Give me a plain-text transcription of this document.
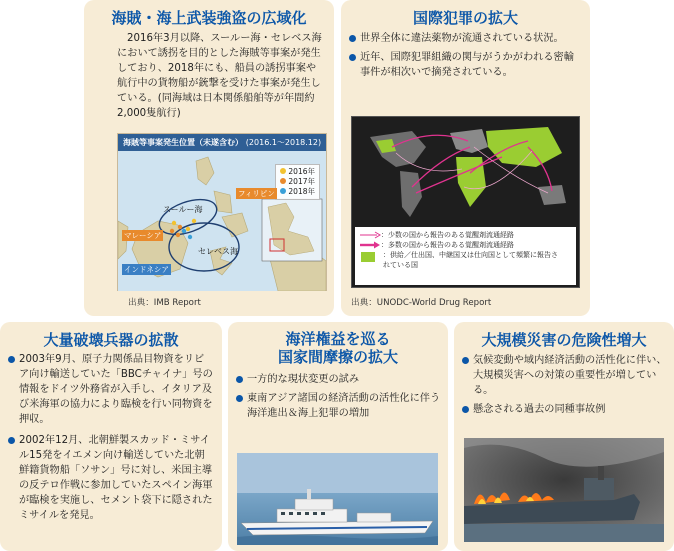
海賊・海上武装強盗の広域化
2016年3月以降、スールー海・セレベス海において誘拐を目的とした海賊等事案が発生しており、2018年にも、船員の誘拐事案や航行中の貨物船が銃撃を受けた事案が発生している。(同海域は日本関係船舶等が年間約2,000隻航行)
海賊等事案発生位置（未遂含む） (2016.1～2018.12)
2016年
2017年
2018年
フィリピン
スールー海
セレベス海
マレーシア
インドネシア
出典：IMB Report
国際犯罪の拡大
世界全体に違法薬物が流通されている状況。
近年、国際犯罪組織の関与がうかがわれる密輸事件が相次いで摘発されている。
：少数の国から報告のある覚醒剤流通経路
：多数の国から報告のある覚醒剤流通経路
：供給／仕出国、中継国又は仕向国として頻繁に報告されている国
出典：UNODC-World Drug Report
大量破壊兵器の拡散
2003年9月、原子力関係品目物資をリビア向け輸送していた「BBCチャイナ」号の情報をドイツ外務省が入手し、イタリア及び米海軍の協力により臨検を行い同物資を押収。
2002年12月、北朝鮮製スカッド・ミサイル15発をイエメン向け輸送していた北朝鮮籍貨物船「ソサン」号に対し、米国主導の反テロ作戦に参加していたスペイン海軍が臨検を実施し、セメント袋下に隠されたミサイルを発見。
海洋権益を巡る
国家間摩擦の拡大
一方的な現状変更の試み
東南アジア諸国の経済活動の活性化に伴う海洋進出＆海上犯罪の増加
大規模災害の危険性増大
気候変動や域内経済活動の活性化に伴い、大規模災害への対策の重要性が増している。
懸念される過去の同種事故例
